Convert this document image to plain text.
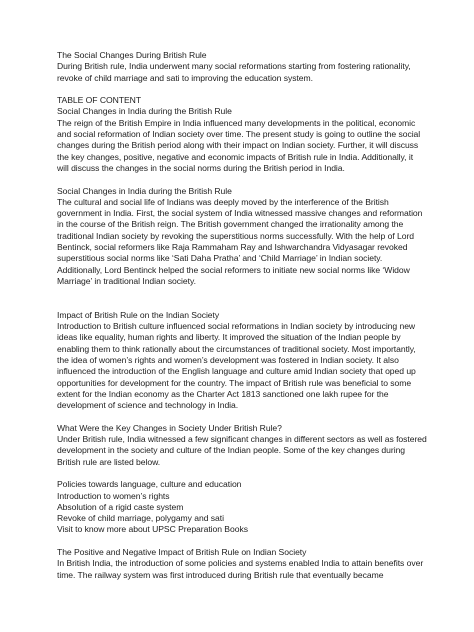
The Social Changes During British Rule

During British rule, India underwent many social reformations starting from fostering rationality, revoke of child marriage and sati to improving the education system.

TABLE OF CONTENT

Social Changes in India during the British Rule

The reign of the British Empire in India influenced many developments in the political, economic and social reformation of Indian society over time. The present study is going to outline the social changes during the British period along with their impact on Indian society. Further, it will discuss the key changes, positive, negative and economic impacts of British rule in India. Additionally, it will discuss the changes in the social norms during the British period in India.

Social Changes in India during the British Rule

The cultural and social life of Indians was deeply moved by the interference of the British government in India. First, the social system of India witnessed massive changes and reformation in the course of the British reign. The British government changed the irrationality among the traditional Indian society by revoking the superstitious norms successfully. With the help of Lord Bentinck, social reformers like Raja Rammaham Ray and Ishwarchandra Vidyasagar revoked superstitious social norms like ‘Sati Daha Pratha’ and ‘Child Marriage’ in Indian society. Additionally, Lord Bentinck helped the social reformers to initiate new social norms like ‘Widow Marriage’ in traditional Indian society.

Impact of British Rule on the Indian Society

Introduction to British culture influenced social reformations in Indian society by introducing new ideas like equality, human rights and liberty. It improved the situation of the Indian people by enabling them to think rationally about the circumstances of traditional society. Most importantly, the idea of women’s rights and women’s development was fostered in Indian society. It also influenced the introduction of the English language and culture amid Indian society that oped up opportunities for development for the country. The impact of British rule was beneficial to some extent for the Indian economy as the Charter Act 1813 sanctioned one lakh rupee for the development of science and technology in India.

What Were the Key Changes in Society Under British Rule?

Under British rule, India witnessed a few significant changes in different sectors as well as fostered development in the society and culture of the Indian people. Some of the key changes during British rule are listed below.

Policies towards language, culture and education
Introduction to women’s rights
Absolution of a rigid caste system
Revoke of child marriage, polygamy and sati
Visit to know more about UPSC Preparation Books

The Positive and Negative Impact of British Rule on Indian Society

In British India, the introduction of some policies and systems enabled India to attain benefits over time. The railway system was first introduced during British rule that eventually became
